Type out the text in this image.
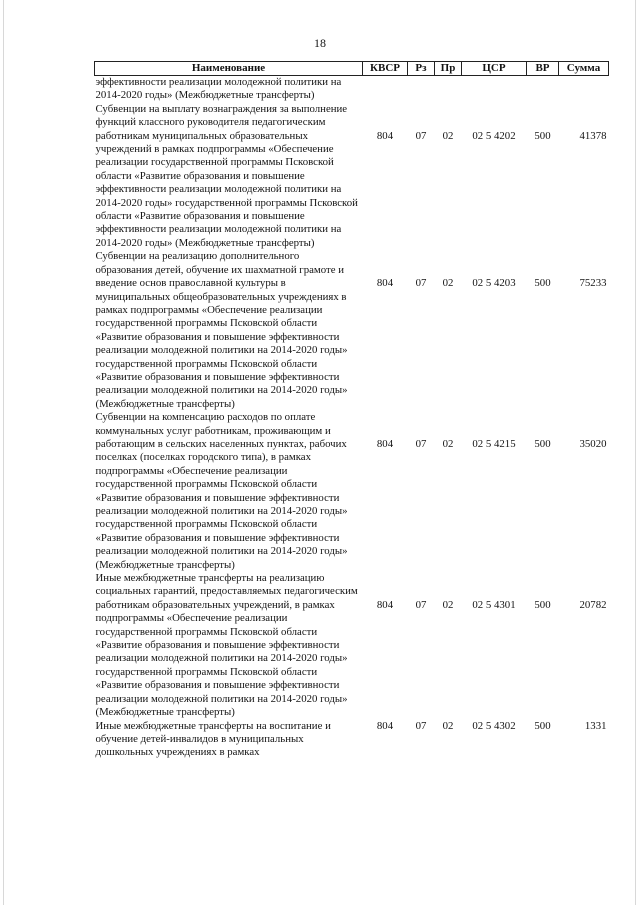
18
Наименование	КВСР	Рз	Пр	ЦСР	ВР	Сумма
эффективности реализации молодежной политики на 2014-2020 годы» (Межбюджетные трансферты)						
Субвенции на выплату вознаграждения за выполнение функций классного руководителя педагогическим работникам муниципальных образовательных учреждений в рамках подпрограммы «Обеспечение реализации государственной программы Псковской области «Развитие образования и повышение эффективности реализации молодежной политики на 2014-2020 годы» государственной программы Псковской области «Развитие образования и повышение эффективности реализации молодежной политики на 2014-2020 годы» (Межбюджетные трансферты)	804	07	02	02 5 4202	500	41378
Субвенции на реализацию дополнительного образования детей, обучение их шахматной грамоте и введение основ православной культуры в муниципальных общеобразовательных учреждениях в рамках подпрограммы «Обеспечение реализации государственной программы Псковской области «Развитие образования и повышение эффективности реализации молодежной политики на 2014-2020 годы» государственной программы Псковской области «Развитие образования и повышение эффективности реализации молодежной политики на 2014-2020 годы» (Межбюджетные трансферты)	804	07	02	02 5 4203	500	75233
Субвенции на компенсацию расходов по оплате коммунальных услуг работникам, проживающим и работающим в сельских населенных пунктах, рабочих поселках (поселках городского типа), в рамках подпрограммы «Обеспечение реализации государственной программы Псковской области «Развитие образования и повышение эффективности реализации молодежной политики на 2014-2020 годы» государственной программы Псковской области «Развитие образования и повышение эффективности реализации молодежной политики на 2014-2020 годы» (Межбюджетные трансферты)	804	07	02	02 5 4215	500	35020
Иные межбюджетные трансферты на реализацию социальных гарантий, предоставляемых педагогическим работникам образовательных учреждений, в рамках подпрограммы «Обеспечение реализации государственной программы Псковской области «Развитие образования и повышение эффективности реализации молодежной политики на 2014-2020 годы» государственной программы Псковской области «Развитие образования и повышение эффективности реализации молодежной политики на 2014-2020 годы» (Межбюджетные трансферты)	804	07	02	02 5 4301	500	20782
Иные межбюджетные трансферты на воспитание и обучение детей-инвалидов в муниципальных дошкольных учреждениях в рамках	804	07	02	02 5 4302	500	1331
